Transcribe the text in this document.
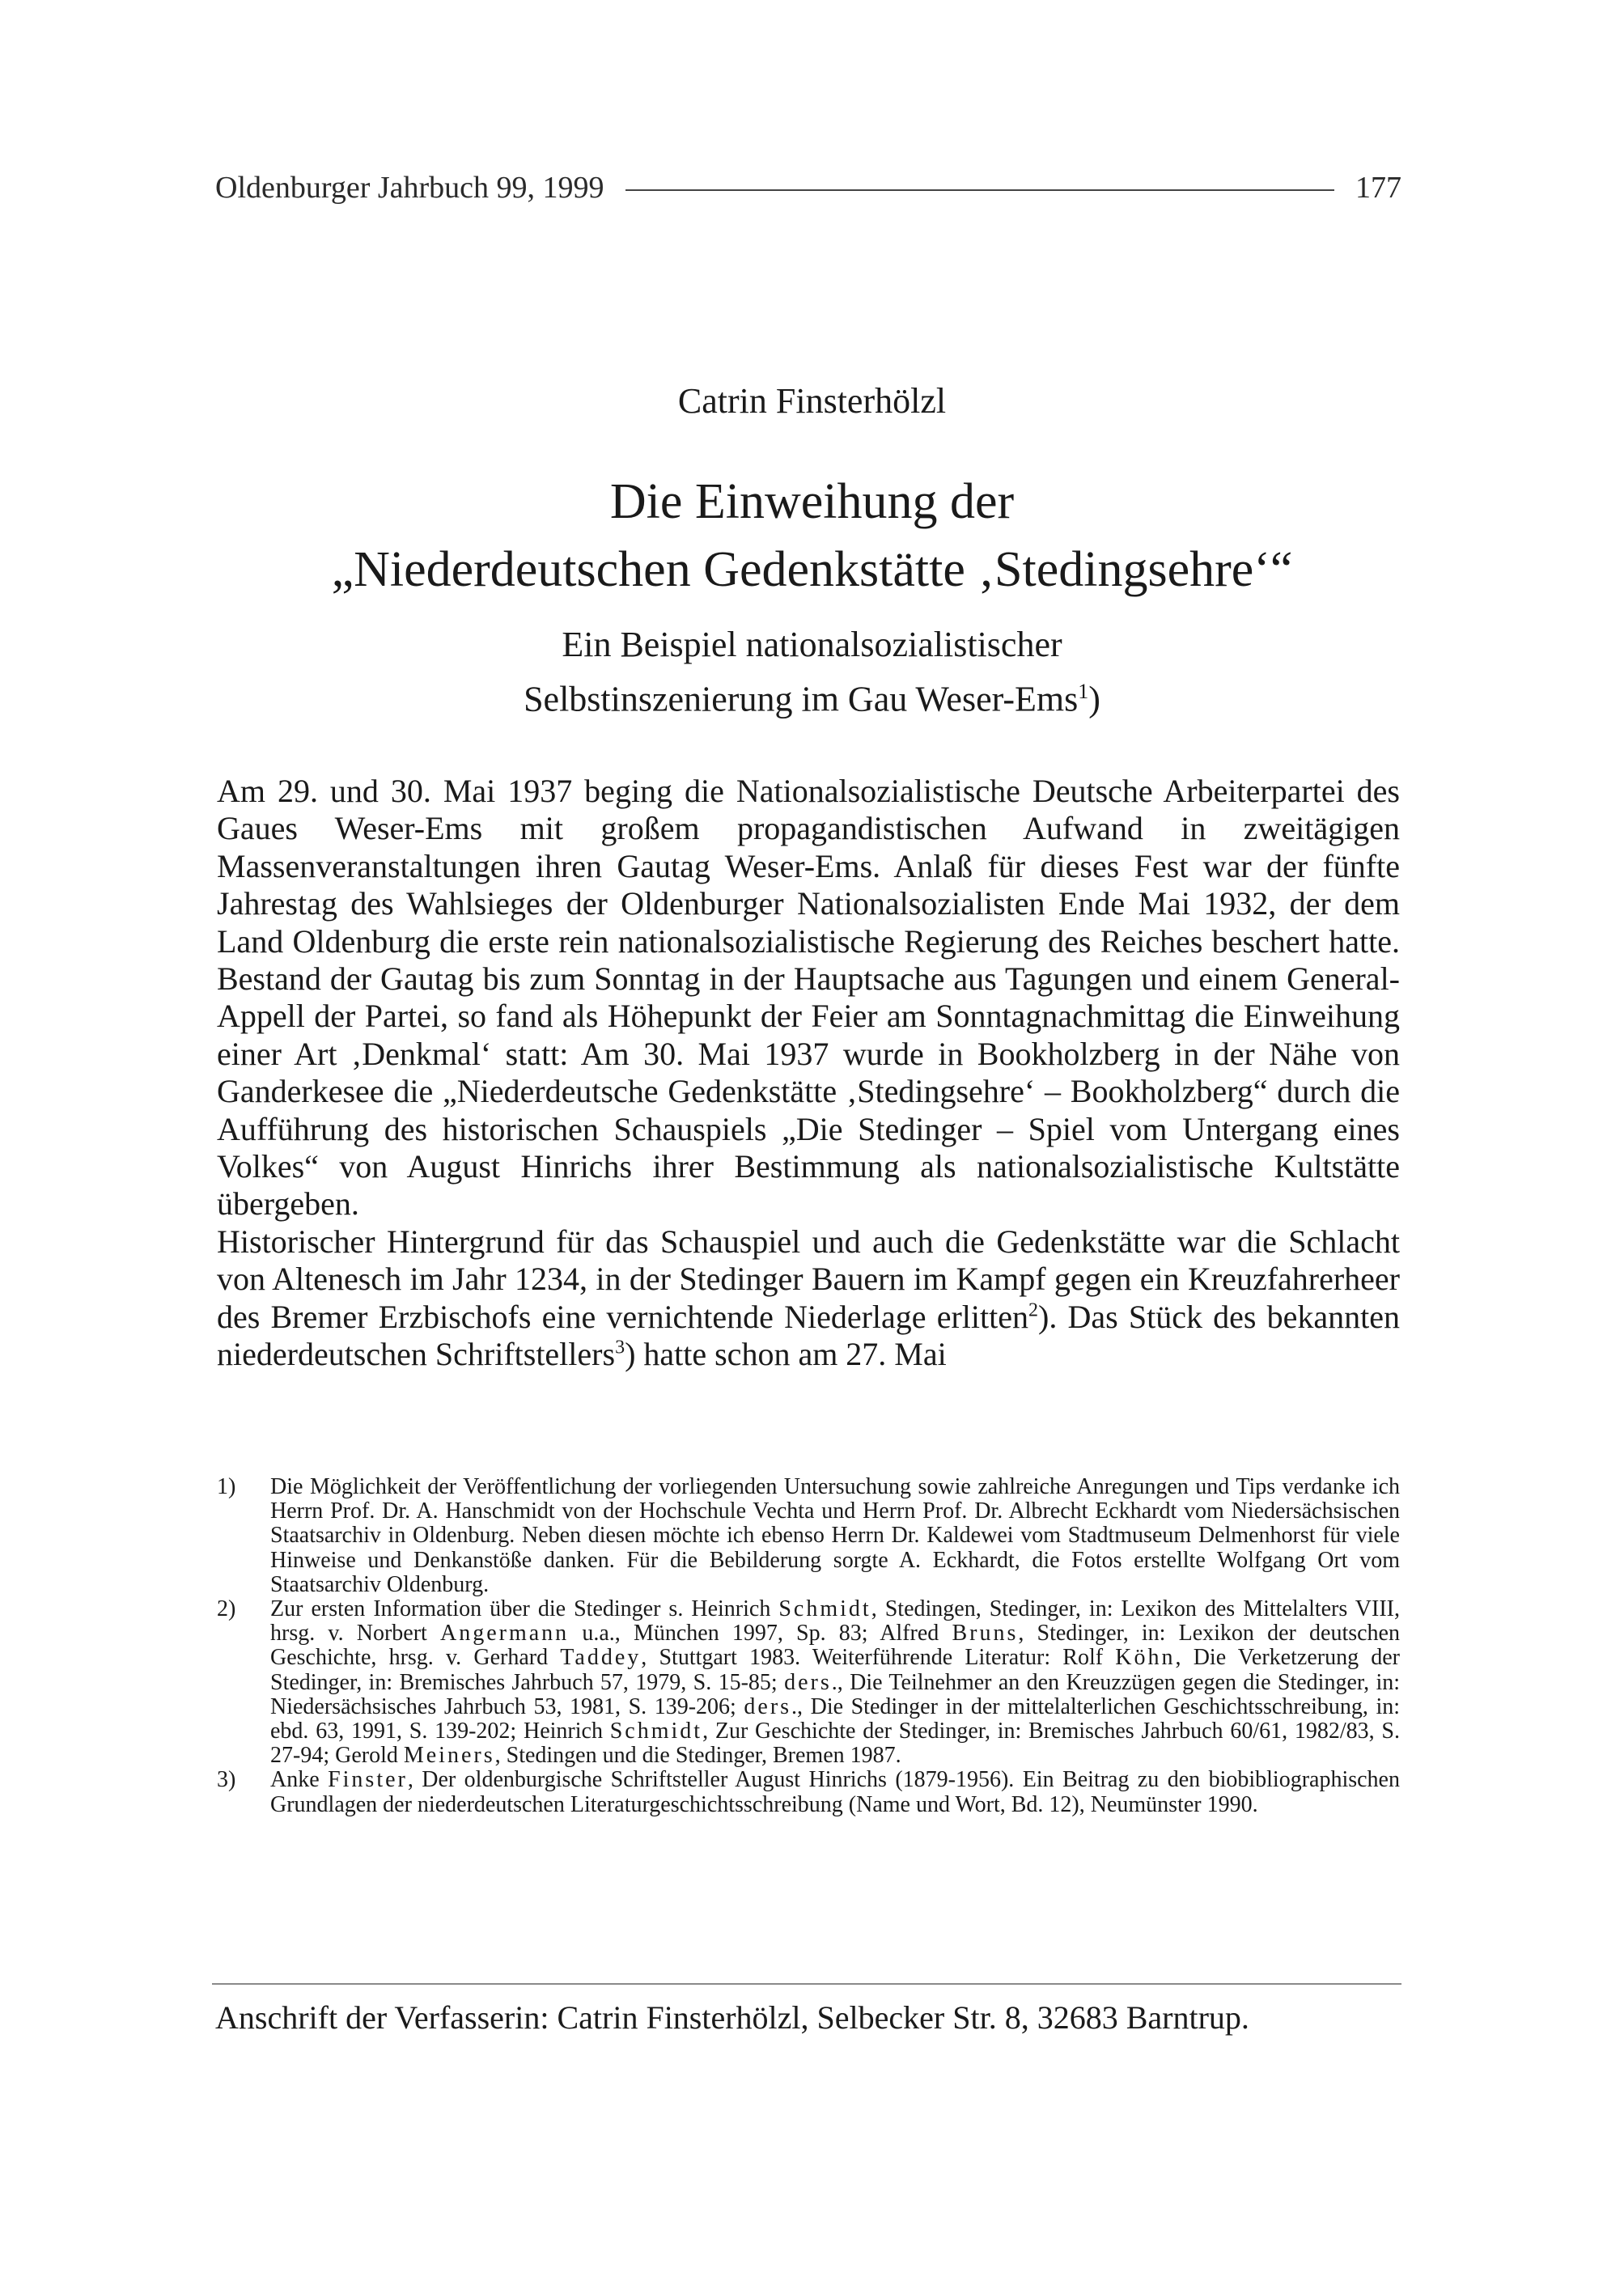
Oldenburger Jahrbuch 99, 1999	177
Catrin Finsterhölzl
Die Einweihung der
„Niederdeutschen Gedenkstätte ‚Stedingsehre‘“
Ein Beispiel nationalsozialistischer
Selbstinszenierung im Gau Weser-Ems$^1$)

Am 29. und 30. Mai 1937 beging die Nationalsozialistische Deutsche Arbeiterpartei des Gaues Weser-Ems mit großem propagandistischen Aufwand in zweitägigen Massenveranstaltungen ihren Gautag Weser-Ems. Anlaß für dieses Fest war der fünfte Jahrestag des Wahlsieges der Oldenburger Nationalsozialisten Ende Mai 1932, der dem Land Oldenburg die erste rein nationalsozialistische Regierung des Reiches beschert hatte. Bestand der Gautag bis zum Sonntag in der Hauptsache aus Tagungen und einem General-Appell der Partei, so fand als Höhepunkt der Feier am Sonntagnachmittag die Einweihung einer Art ‚Denkmal‘ statt: Am 30. Mai 1937 wurde in Bookholzberg in der Nähe von Ganderkesee die „Niederdeutsche Gedenkstätte ‚Stedingsehre‘ – Bookholzberg“ durch die Aufführung des historischen Schauspiels „Die Stedinger – Spiel vom Untergang eines Volkes“ von August Hinrichs ihrer Bestimmung als nationalsozialistische Kultstätte übergeben.

Historischer Hintergrund für das Schauspiel und auch die Gedenkstätte war die Schlacht von Altenesch im Jahr 1234, in der Stedinger Bauern im Kampf gegen ein Kreuzfahrerheer des Bremer Erzbischofs eine vernichtende Niederlage erlitten$^2$). Das Stück des bekannten niederdeutschen Schriftstellers$^3$) hatte schon am 27. Mai

1)	Die Möglichkeit der Veröffentlichung der vorliegenden Untersuchung sowie zahlreiche Anregungen und Tips verdanke ich Herrn Prof. Dr. A. Hanschmidt von der Hochschule Vechta und Herrn Prof. Dr. Albrecht Eckhardt vom Niedersächsischen Staatsarchiv in Oldenburg. Neben diesen möchte ich ebenso Herrn Dr. Kaldewei vom Stadtmuseum Delmenhorst für viele Hinweise und Denkanstöße danken. Für die Bebilderung sorgte A. Eckhardt, die Fotos erstellte Wolfgang Ort vom Staatsarchiv Oldenburg.
2)	Zur ersten Information über die Stedinger s. Heinrich Schmidt, Stedingen, Stedinger, in: Lexikon des Mittelalters VIII, hrsg. v. Norbert Angermann u.a., München 1997, Sp. 83; Alfred Bruns, Stedinger, in: Lexikon der deutschen Geschichte, hrsg. v. Gerhard Taddey, Stuttgart 1983. Weiterführende Literatur: Rolf Köhn, Die Verketzerung der Stedinger, in: Bremisches Jahrbuch 57, 1979, S. 15-85; ders., Die Teilnehmer an den Kreuzzügen gegen die Stedinger, in: Niedersächsisches Jahrbuch 53, 1981, S. 139-206; ders., Die Stedinger in der mittelalterlichen Geschichtsschreibung, in: ebd. 63, 1991, S. 139-202; Heinrich Schmidt, Zur Geschichte der Stedinger, in: Bremisches Jahrbuch 60/61, 1982/83, S. 27-94; Gerold Meiners, Stedingen und die Stedinger, Bremen 1987.
3)	Anke Finster, Der oldenburgische Schriftsteller August Hinrichs (1879-1956). Ein Beitrag zu den biobibliographischen Grundlagen der niederdeutschen Literaturgeschichtsschreibung (Name und Wort, Bd. 12), Neumünster 1990.
Anschrift der Verfasserin: Catrin Finsterhölzl, Selbecker Str. 8, 32683 Barntrup.
